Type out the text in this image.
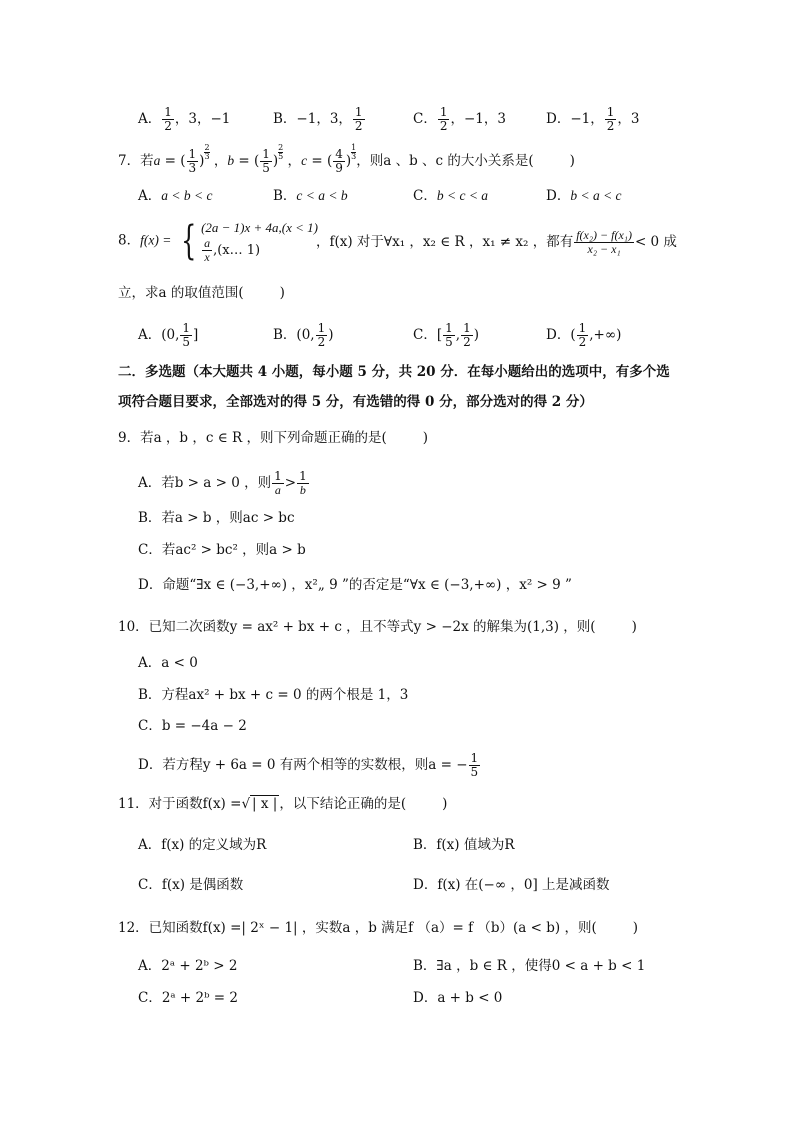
A． $\frac{1}{2}$ ，3，−1	B．−1，3， $\frac{1}{2}$	C． $\frac{1}{2}$ ，−1，3	D．−1， $\frac{1}{2}$ ，3
7．若a = ( $\frac{1}{3}$ ) $\frac{2}{3}$ ，b = ( $\frac{1}{5}$ ) $\frac{2}{5}$ ，c = ( $\frac{4}{9}$ ) $\frac{1}{3}$ ，则a 、b 、c 的大小关系是(	)
A．a < b < c	B．c < a < b	C．b < c < a	D．b < a < c
8．f(x) = { (2a − 1)x + 4a,(x < 1)
$\frac{a}{x}$ ,(x… 1)
，f(x) 对于∀x₁ ，x₂ ∈ R ，x₁ ≠ x₂ ，都有 $\frac{\text{f(x₂) − f(x₁)}}{\text{x₂ − x₁}} < 0$ 成
立，求a 的取值范围(	)
A．(0, $\frac{1}{5}$ ]	B．(0, $\frac{1}{2}$ )	C．[ $\frac{1}{5}$ , $\frac{1}{2}$ )	D．( $\frac{1}{2}$ ,+∞)
二．多选题（本大题共 4 小题，每小题 5 分，共 20 分．在每小题给出的选项中，有多个选
项符合题目要求，全部选对的得 5 分，有选错的得 0 分，部分选对的得 2 分）
9．若a ，b ，c ∈ R ，则下列命题正确的是(	)
A．若b > a > 0 ，则 $\frac{1}{a} > \frac{1}{b}$
B．若a > b ，则ac > bc
C．若ac² > bc² ，则a > b
D．命题“∃x ∈ (−3,+∞) ，x²„ 9 ”的否定是“∀x ∈ (−3,+∞) ，x² > 9 ”
10．已知二次函数y = ax² + bx + c ，且不等式y > −2x 的解集为(1,3) ，则(	)
A．a < 0
B．方程ax² + bx + c = 0 的两个根是 1，3
C．b = −4a − 2
D．若方程y + 6a = 0 有两个相等的实数根，则a = − $\frac{1}{5}$
11．对于函数f(x) =√ | x | ，以下结论正确的是(	)
A．f(x) 的定义域为R	B．f(x) 值域为R
C．f(x) 是偶函数	D．f(x) 在(−∞ ，0] 上是减函数
12．已知函数f(x) =| 2ˣ − 1| ，实数a ，b 满足f （a）= f （b）(a < b) ，则(	)
A．2ᵃ + 2ᵇ > 2	B．∃a ，b ∈ R ，使得0 < a + b < 1
C．2ᵃ + 2ᵇ = 2	D．a + b < 0
